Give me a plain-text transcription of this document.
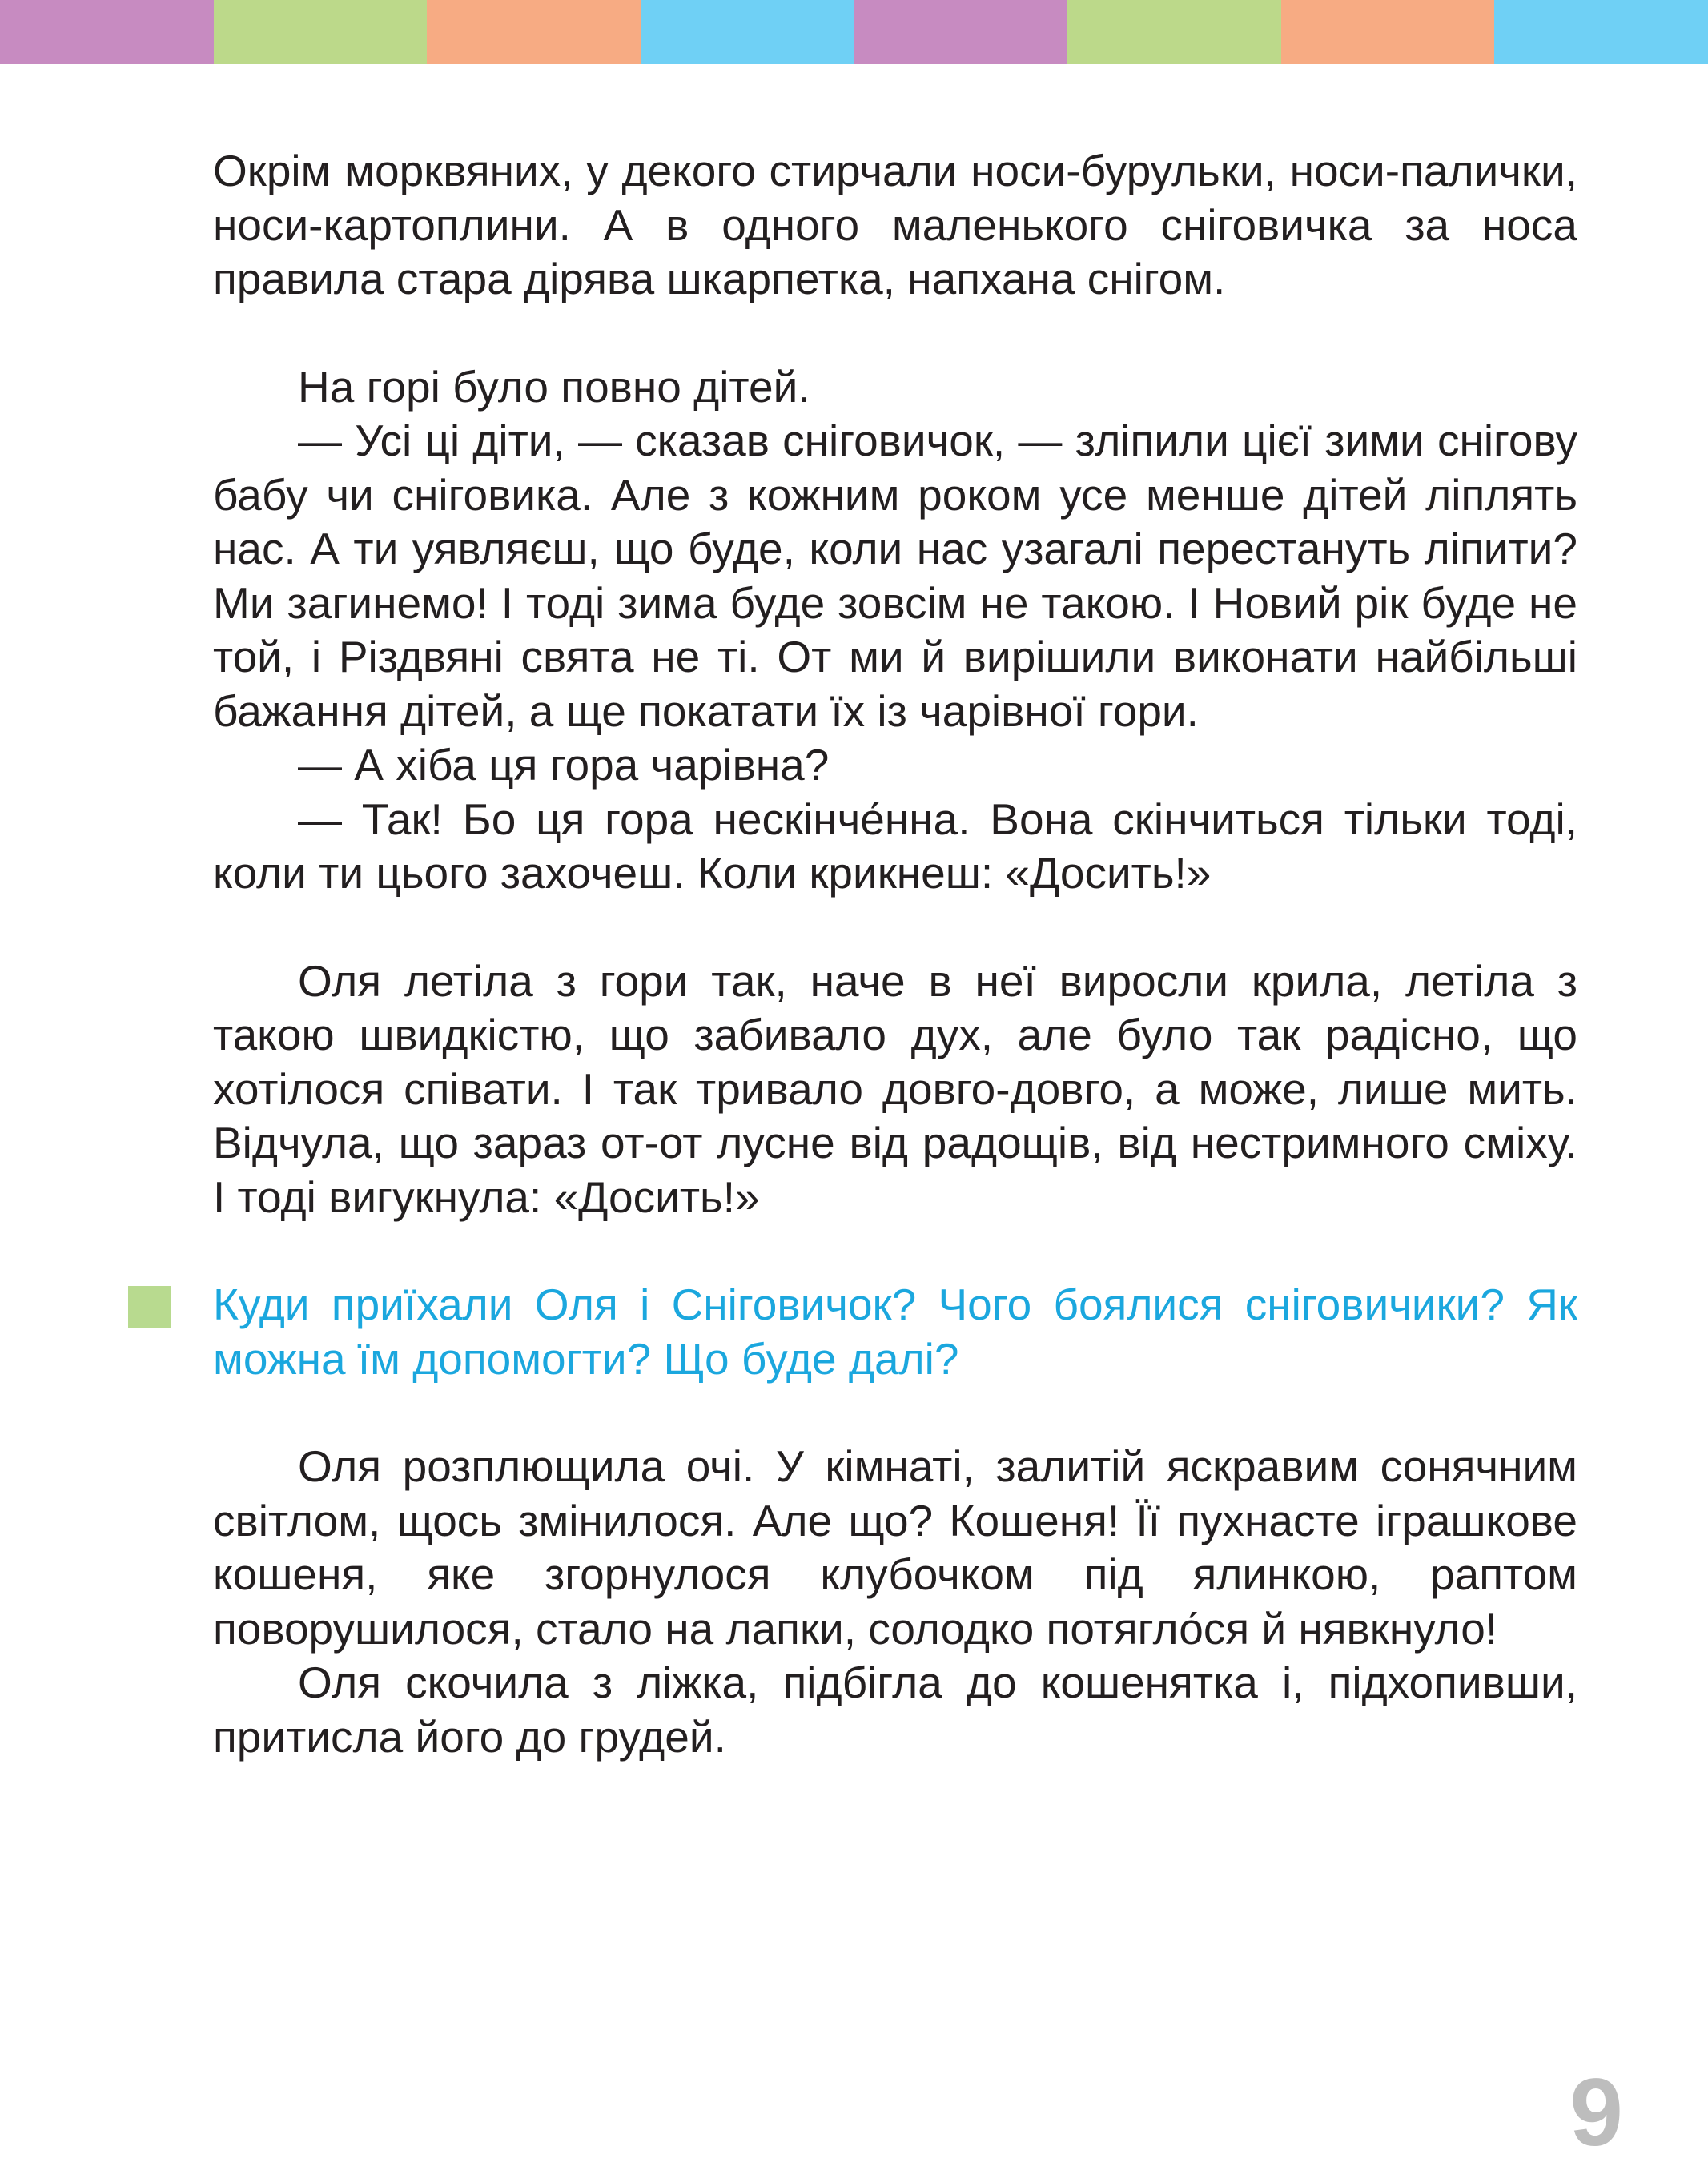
Окрім морквяних, у декого стирчали носи-бурульки, носи-палички, носи-картоплини. А в одного маленького сніговичка за носа правила стара дірява шкарпетка, напхана снігом.

На горі було повно дітей.

— Усі ці діти, — сказав сніговичок, — зліпили цієї зими снігову бабу чи сніговика. Але з кожним роком усе менше дітей ліплять нас. А ти уявляєш, що буде, коли нас узагалі перестануть ліпити? Ми загинемо! І тоді зима буде зовсім не такою. І Новий рік буде не той, і Різдвяні свята не ті. От ми й вирішили виконати найбільші бажання дітей, а ще покатати їх із чарівної гори.

— А хіба ця гора чарівна?

— Так! Бо ця гора нескінче́нна. Вона скінчиться тільки тоді, коли ти цього захочеш. Коли крикнеш: «Досить!»

Оля летіла з гори так, наче в неї виросли крила, летіла з такою швидкістю, що забивало дух, але було так радісно, що хотілося співати. І так тривало довго-довго, а може, лише мить. Відчула, що зараз от-от лусне від радощів, від нестримного сміху. І тоді вигукнула: «Досить!»

Куди приїхали Оля і Сніговичок? Чого боялися сніговичики? Як можна їм допомогти? Що буде далі?

Оля розплющила очі. У кімнаті, залитій яскравим сонячним світлом, щось змінилося. Але що? Кошеня! Її пухнасте іграшкове кошеня, яке згорнулося клубочком під ялинкою, раптом поворушилося, стало на лапки, солодко потягло́ся й нявкнуло!

Оля скочила з ліжка, підбігла до кошенятка і, підхопивши, притисла його до грудей.

9
